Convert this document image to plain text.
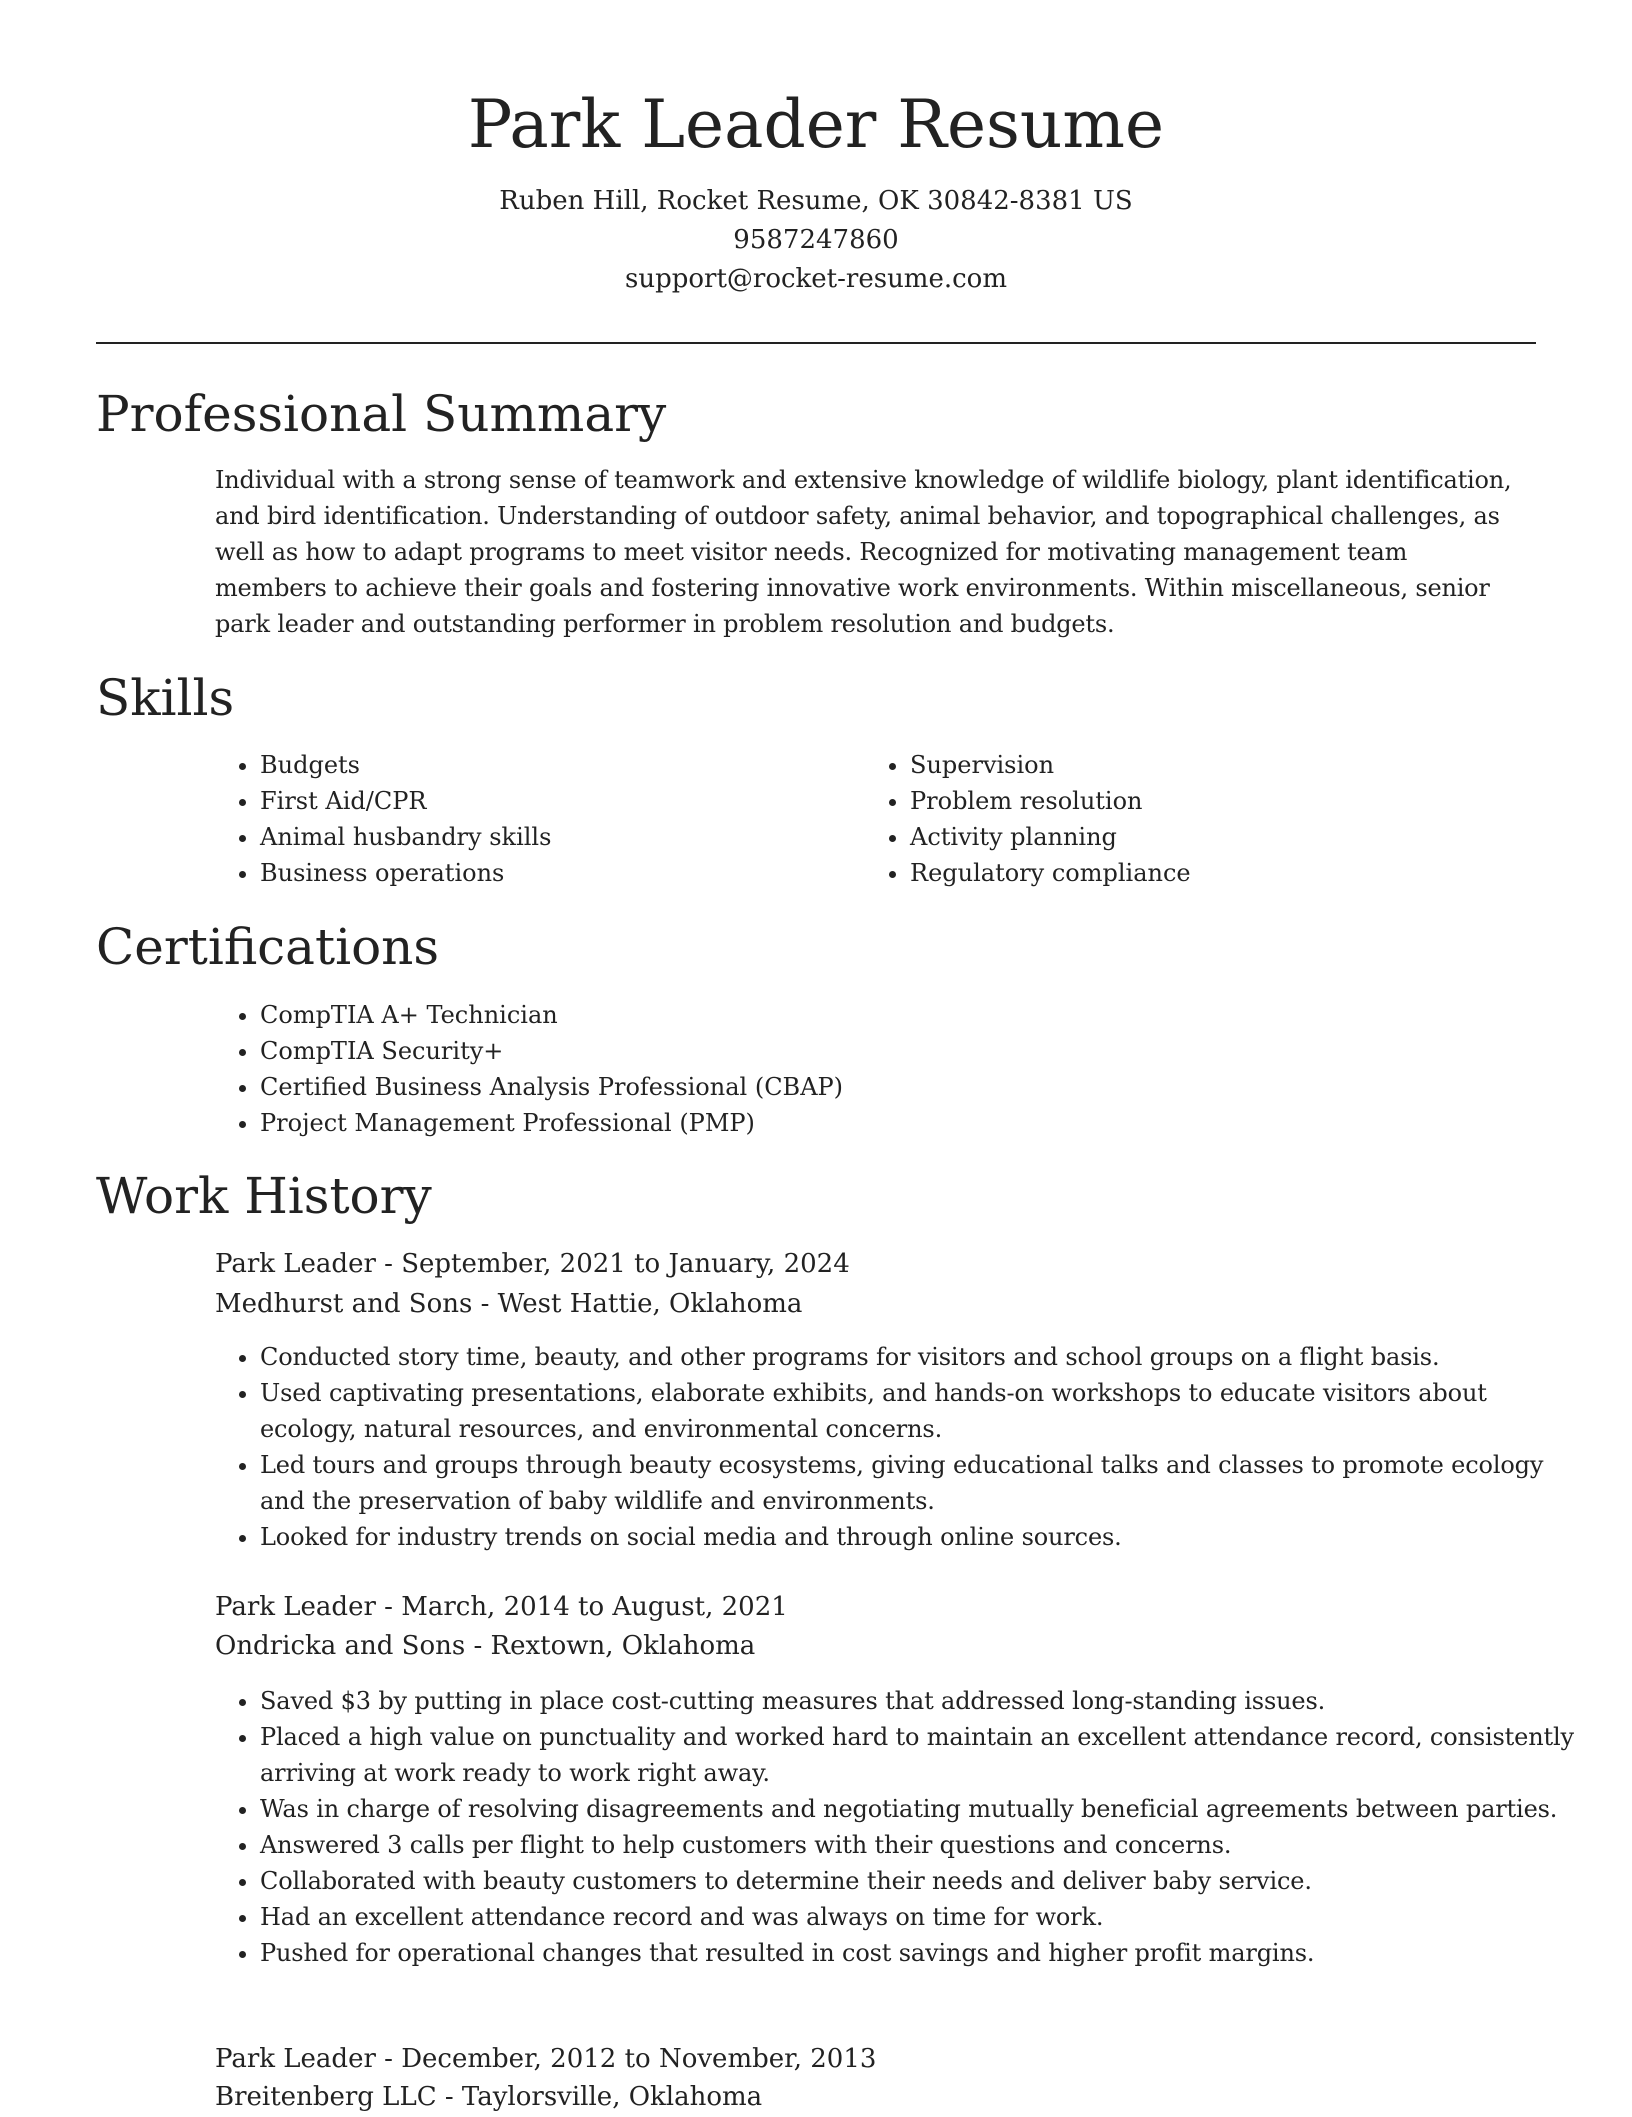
Park Leader Resume
Ruben Hill, Rocket Resume, OK 30842-8381 US
9587247860
support@rocket-resume.com
Professional Summary

Individual with a strong sense of teamwork and extensive knowledge of wildlife biology, plant identification, and bird identification. Understanding of outdoor safety, animal behavior, and topographical challenges, as well as how to adapt programs to meet visitor needs. Recognized for motivating management team members to achieve their goals and fostering innovative work environments. Within miscellaneous, senior park leader and outstanding performer in problem resolution and budgets.

Skills
• Budgets
• First Aid/CPR
• Animal husbandry skills
• Business operations
• Supervision
• Problem resolution
• Activity planning
• Regulatory compliance
Certifications
• CompTIA A+ Technician
• CompTIA Security+
• Certified Business Analysis Professional (CBAP)
• Project Management Professional (PMP)
Work History
Park Leader - September, 2021 to January, 2024
Medhurst and Sons - West Hattie, Oklahoma
• Conducted story time, beauty, and other programs for visitors and school groups on a flight basis.
• Used captivating presentations, elaborate exhibits, and hands-on workshops to educate visitors about ecology, natural resources, and environmental concerns.
• Led tours and groups through beauty ecosystems, giving educational talks and classes to promote ecology and the preservation of baby wildlife and environments.
• Looked for industry trends on social media and through online sources.
Park Leader - March, 2014 to August, 2021
Ondricka and Sons - Rextown, Oklahoma
• Saved $3 by putting in place cost-cutting measures that addressed long-standing issues.
• Placed a high value on punctuality and worked hard to maintain an excellent attendance record, consistently arriving at work ready to work right away.
• Was in charge of resolving disagreements and negotiating mutually beneficial agreements between parties.
• Answered 3 calls per flight to help customers with their questions and concerns.
• Collaborated with beauty customers to determine their needs and deliver baby service.
• Had an excellent attendance record and was always on time for work.
• Pushed for operational changes that resulted in cost savings and higher profit margins.
Park Leader - December, 2012 to November, 2013
Breitenberg LLC - Taylorsville, Oklahoma
